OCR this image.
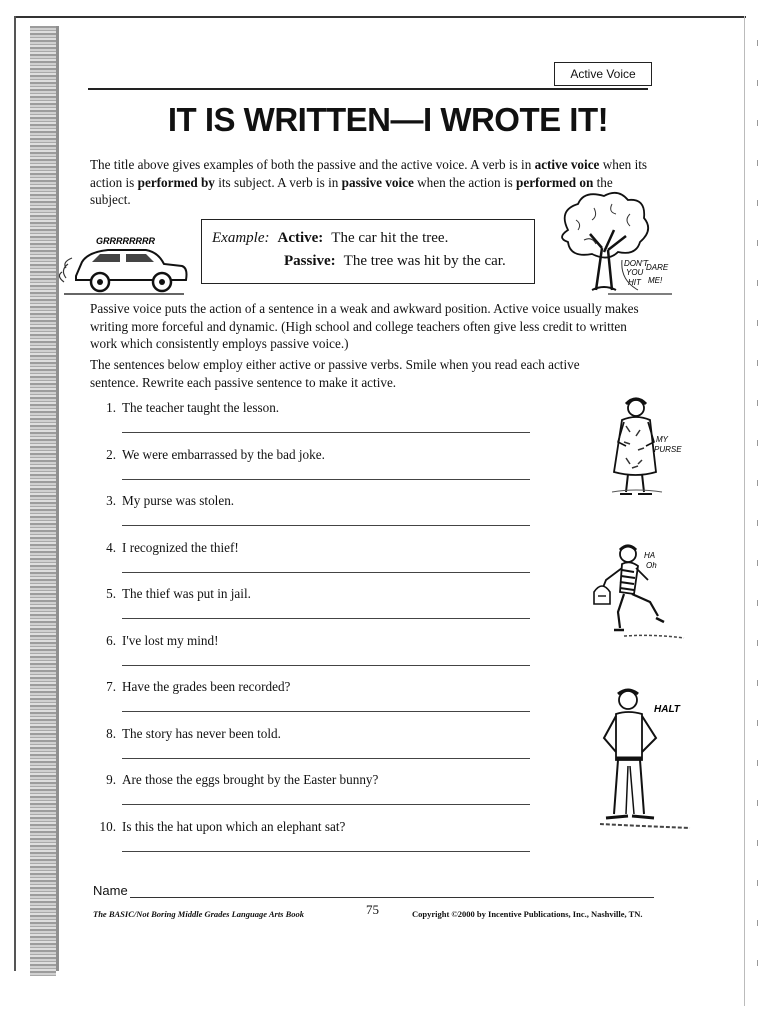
Active Voice
IT IS WRITTEN—I WROTE IT!

The title above gives examples of both the passive and the active voice. A verb is in active voice when its action is performed by its subject. A verb is in passive voice when the action is performed on the subject.

GRRRRRRRR	Example: Active: The car hit the tree.
Passive: The tree was hit by the car.	DON'T
YOU
DARE
HIT ME!

Passive voice puts the action of a sentence in a weak and awkward position. Active voice usually makes writing more forceful and dynamic. (High school and college teachers often give less credit to written work which consistently employs passive voice.)

The sentences below employ either active or passive verbs. Smile when you read each active sentence. Rewrite each passive sentence to make it active.

1. The teacher taught the lesson.
2. We were embarrassed by the bad joke.
3. My purse was stolen.
4. I recognized the thief!
5. The thief was put in jail.
6. I've lost my mind!
7. Have the grades been recorded?
8. The story has never been told.
9. Are those the eggs brought by the Easter bunny?
10. Is this the hat upon which an elephant sat?
MY
PURSE
HA
Oh
HALT
Name
The BASIC/Not Boring Middle Grades Language Arts Book	75	Copyright ©2000 by Incentive Publications, Inc., Nashville, TN.
